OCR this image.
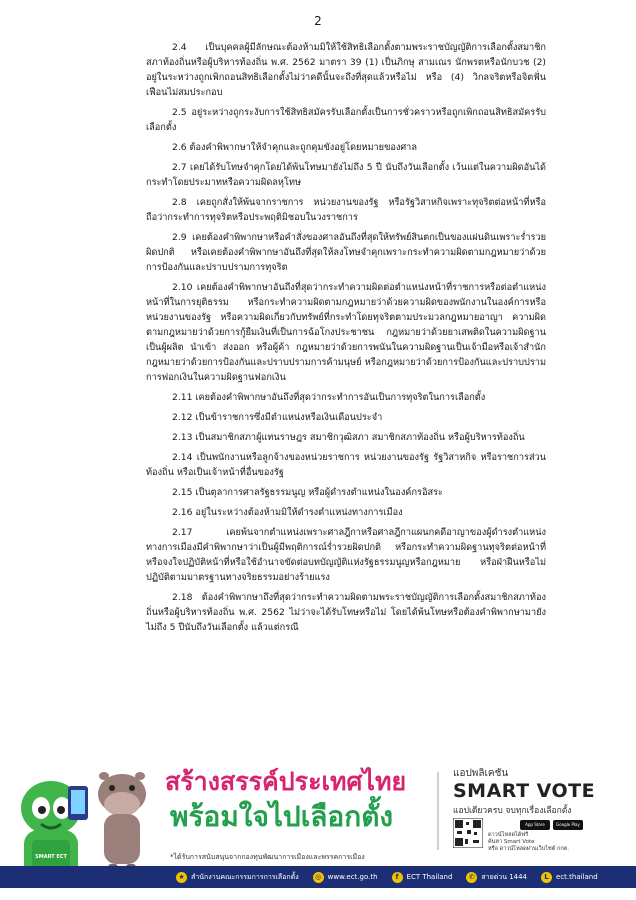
2

2.4 เป็นบุคคลผู้มีลักษณะต้องห้ามมิให้ใช้สิทธิเลือกตั้งตามพระราชบัญญัติการเลือกตั้งสมาชิกสภาท้องถิ่นหรือผู้บริหารท้องถิ่น พ.ศ. 2562 มาตรา 39 (1) เป็นภิกษุ สามเณร นักพรตหรือนักบวช (2) อยู่ในระหว่างถูกเพิกถอนสิทธิเลือกตั้งไม่ว่าคดีนั้นจะถึงที่สุดแล้วหรือไม่ หรือ (4) วิกลจริตหรือจิตฟั่นเฟือนไม่สมประกอบ

2.5 อยู่ระหว่างถูกระงับการใช้สิทธิสมัครรับเลือกตั้งเป็นการชั่วคราวหรือถูกเพิกถอนสิทธิสมัครรับเลือกตั้ง

2.6 ต้องคำพิพากษาให้จำคุกและถูกคุมขังอยู่โดยหมายของศาล

2.7 เคยได้รับโทษจำคุกโดยได้พ้นโทษมายังไม่ถึง 5 ปี นับถึงวันเลือกตั้ง เว้นแต่ในความผิดอันได้กระทำโดยประมาทหรือความผิดลหุโทษ

2.8 เคยถูกสั่งให้พ้นจากราชการ หน่วยงานของรัฐ หรือรัฐวิสาหกิจเพราะทุจริตต่อหน้าที่หรือถือว่ากระทำการทุจริตหรือประพฤติมิชอบในวงราชการ

2.9 เคยต้องคำพิพากษาหรือคำสั่งของศาลอันถึงที่สุดให้ทรัพย์สินตกเป็นของแผ่นดินเพราะร่ำรวยผิดปกติ หรือเคยต้องคำพิพากษาอันถึงที่สุดให้ลงโทษจำคุกเพราะกระทำความผิดตามกฎหมายว่าด้วยการป้องกันและปราบปรามการทุจริต

2.10 เคยต้องคำพิพากษาอันถึงที่สุดว่ากระทำความผิดต่อตำแหน่งหน้าที่ราชการหรือต่อตำแหน่งหน้าที่ในการยุติธรรม หรือกระทำความผิดตามกฎหมายว่าด้วยความผิดของพนักงานในองค์การหรือหน่วยงานของรัฐ หรือความผิดเกี่ยวกับทรัพย์ที่กระทำโดยทุจริตตามประมวลกฎหมายอาญา ความผิดตามกฎหมายว่าด้วยการกู้ยืมเงินที่เป็นการฉ้อโกงประชาชน กฎหมายว่าด้วยยาเสพติดในความผิดฐานเป็นผู้ผลิต นำเข้า ส่งออก หรือผู้ค้า กฎหมายว่าด้วยการพนันในความผิดฐานเป็นเจ้ามือหรือเจ้าสำนัก กฎหมายว่าด้วยการป้องกันและปราบปรามการค้ามนุษย์ หรือกฎหมายว่าด้วยการป้องกันและปราบปรามการฟอกเงินในความผิดฐานฟอกเงิน

2.11 เคยต้องคำพิพากษาอันถึงที่สุดว่ากระทำการอันเป็นการทุจริตในการเลือกตั้ง

2.12 เป็นข้าราชการซึ่งมีตำแหน่งหรือเงินเดือนประจำ

2.13 เป็นสมาชิกสภาผู้แทนราษฎร สมาชิกวุฒิสภา สมาชิกสภาท้องถิ่น หรือผู้บริหารท้องถิ่น

2.14 เป็นพนักงานหรือลูกจ้างของหน่วยราชการ หน่วยงานของรัฐ รัฐวิสาหกิจ หรือราชการส่วนท้องถิ่น หรือเป็นเจ้าหน้าที่อื่นของรัฐ

2.15 เป็นตุลาการศาลรัฐธรรมนูญ หรือผู้ดำรงตำแหน่งในองค์กรอิสระ

2.16 อยู่ในระหว่างต้องห้ามมิให้ดำรงตำแหน่งทางการเมือง

2.17 เคยพ้นจากตำแหน่งเพราะศาลฎีกาหรือศาลฎีกาแผนกคดีอาญาของผู้ดำรงตำแหน่งทางการเมืองมีคำพิพากษาว่าเป็นผู้มีพฤติการณ์ร่ำรวยผิดปกติ หรือกระทำความผิดฐานทุจริตต่อหน้าที่ หรือจงใจปฏิบัติหน้าที่หรือใช้อำนาจขัดต่อบทบัญญัติแห่งรัฐธรรมนูญหรือกฎหมาย หรือฝ่าฝืนหรือไม่ปฏิบัติตามมาตรฐานทางจริยธรรมอย่างร้ายแรง

2.18 ต้องคำพิพากษาถึงที่สุดว่ากระทำความผิดตามพระราชบัญญัติการเลือกตั้งสมาชิกสภาท้องถิ่นหรือผู้บริหารท้องถิ่น พ.ศ. 2562 ไม่ว่าจะได้รับโทษหรือไม่ โดยได้พ้นโทษหรือต้องคำพิพากษามายังไม่ถึง 5 ปีนับถึงวันเลือกตั้ง แล้วแต่กรณี

SMART ECT
สร้างสรรค์ประเทศไทย
พร้อมใจไปเลือกตั้ง
*ได้รับการสนับสนุนจากกองทุนพัฒนาการเมืองและพรรคการเมือง
แอปพลิเคชัน
SMART VOTE
แอปเดียวครบ จบทุกเรื่องเลือกตั้ง
ดาวน์โหลดได้ฟรี
ค้นหา Smart Vote
หรือ ดาวน์โหลดผ่านเว็บไซต์ กกต.
App Store	Google Play
★ สำนักงานคณะกรรมการการเลือกตั้ง	◎ www.ect.go.th	f	ECT Thailand	✆ สายด่วน 1444	L	ect.thailand
